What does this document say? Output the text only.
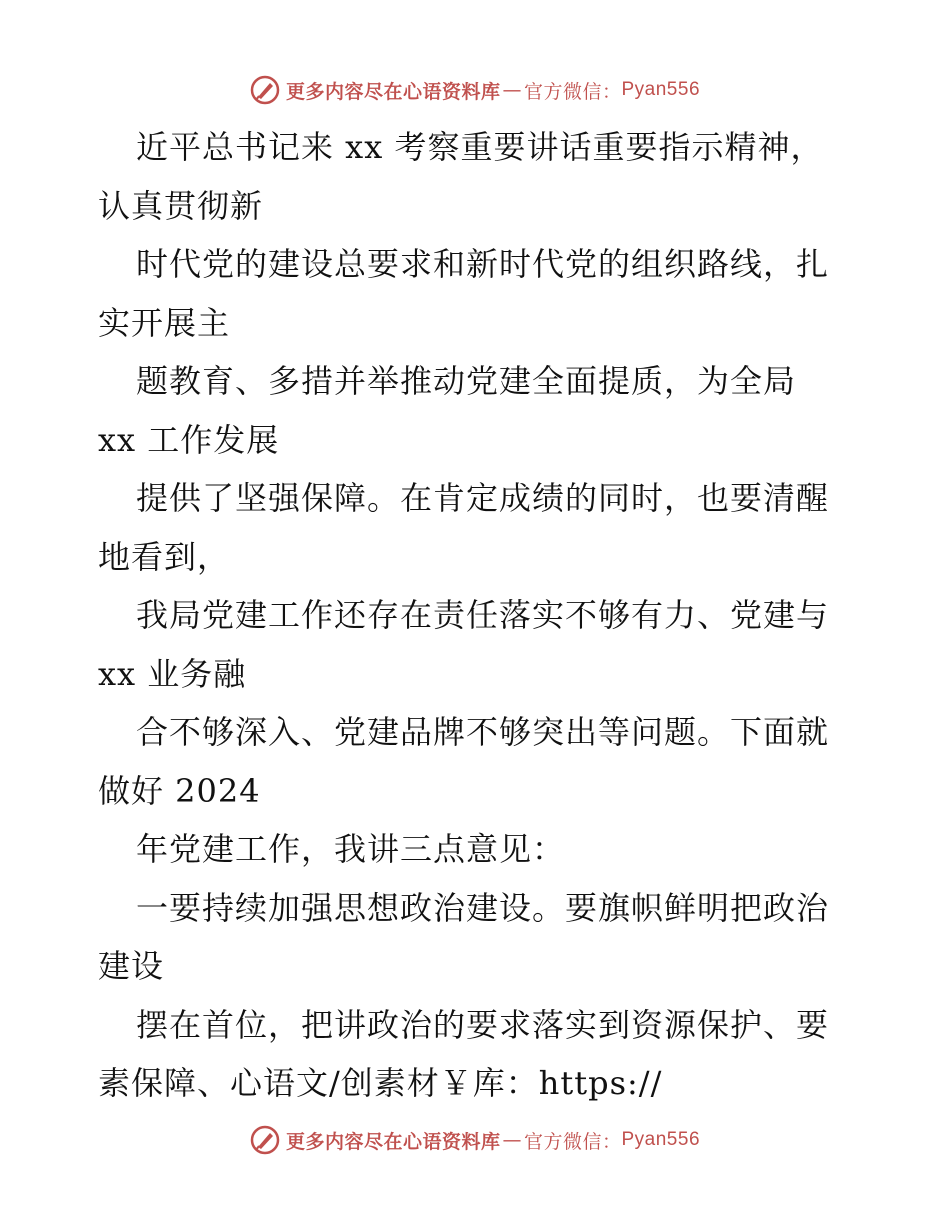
更多内容尽在心语资料库 — 官方微信： Pyan556
近平总书记来 xx 考察重要讲话重要指示精神，
认真贯彻新
时代党的建设总要求和新时代党的组织路线，扎
实开展主
题教育、多措并举推动党建全面提质，为全局
xx 工作发展
提供了坚强保障。在肯定成绩的同时，也要清醒
地看到，
我局党建工作还存在责任落实不够有力、党建与
xx 业务融
合不够深入、党建品牌不够突出等问题。下面就
做好 2024
年党建工作，我讲三点意见：
一要持续加强思想政治建设。要旗帜鲜明把政治
建设
摆在首位，把讲政治的要求落实到资源保护、要
素保障、心语文/创素材￥库：https://
更多内容尽在心语资料库 — 官方微信： Pyan556
